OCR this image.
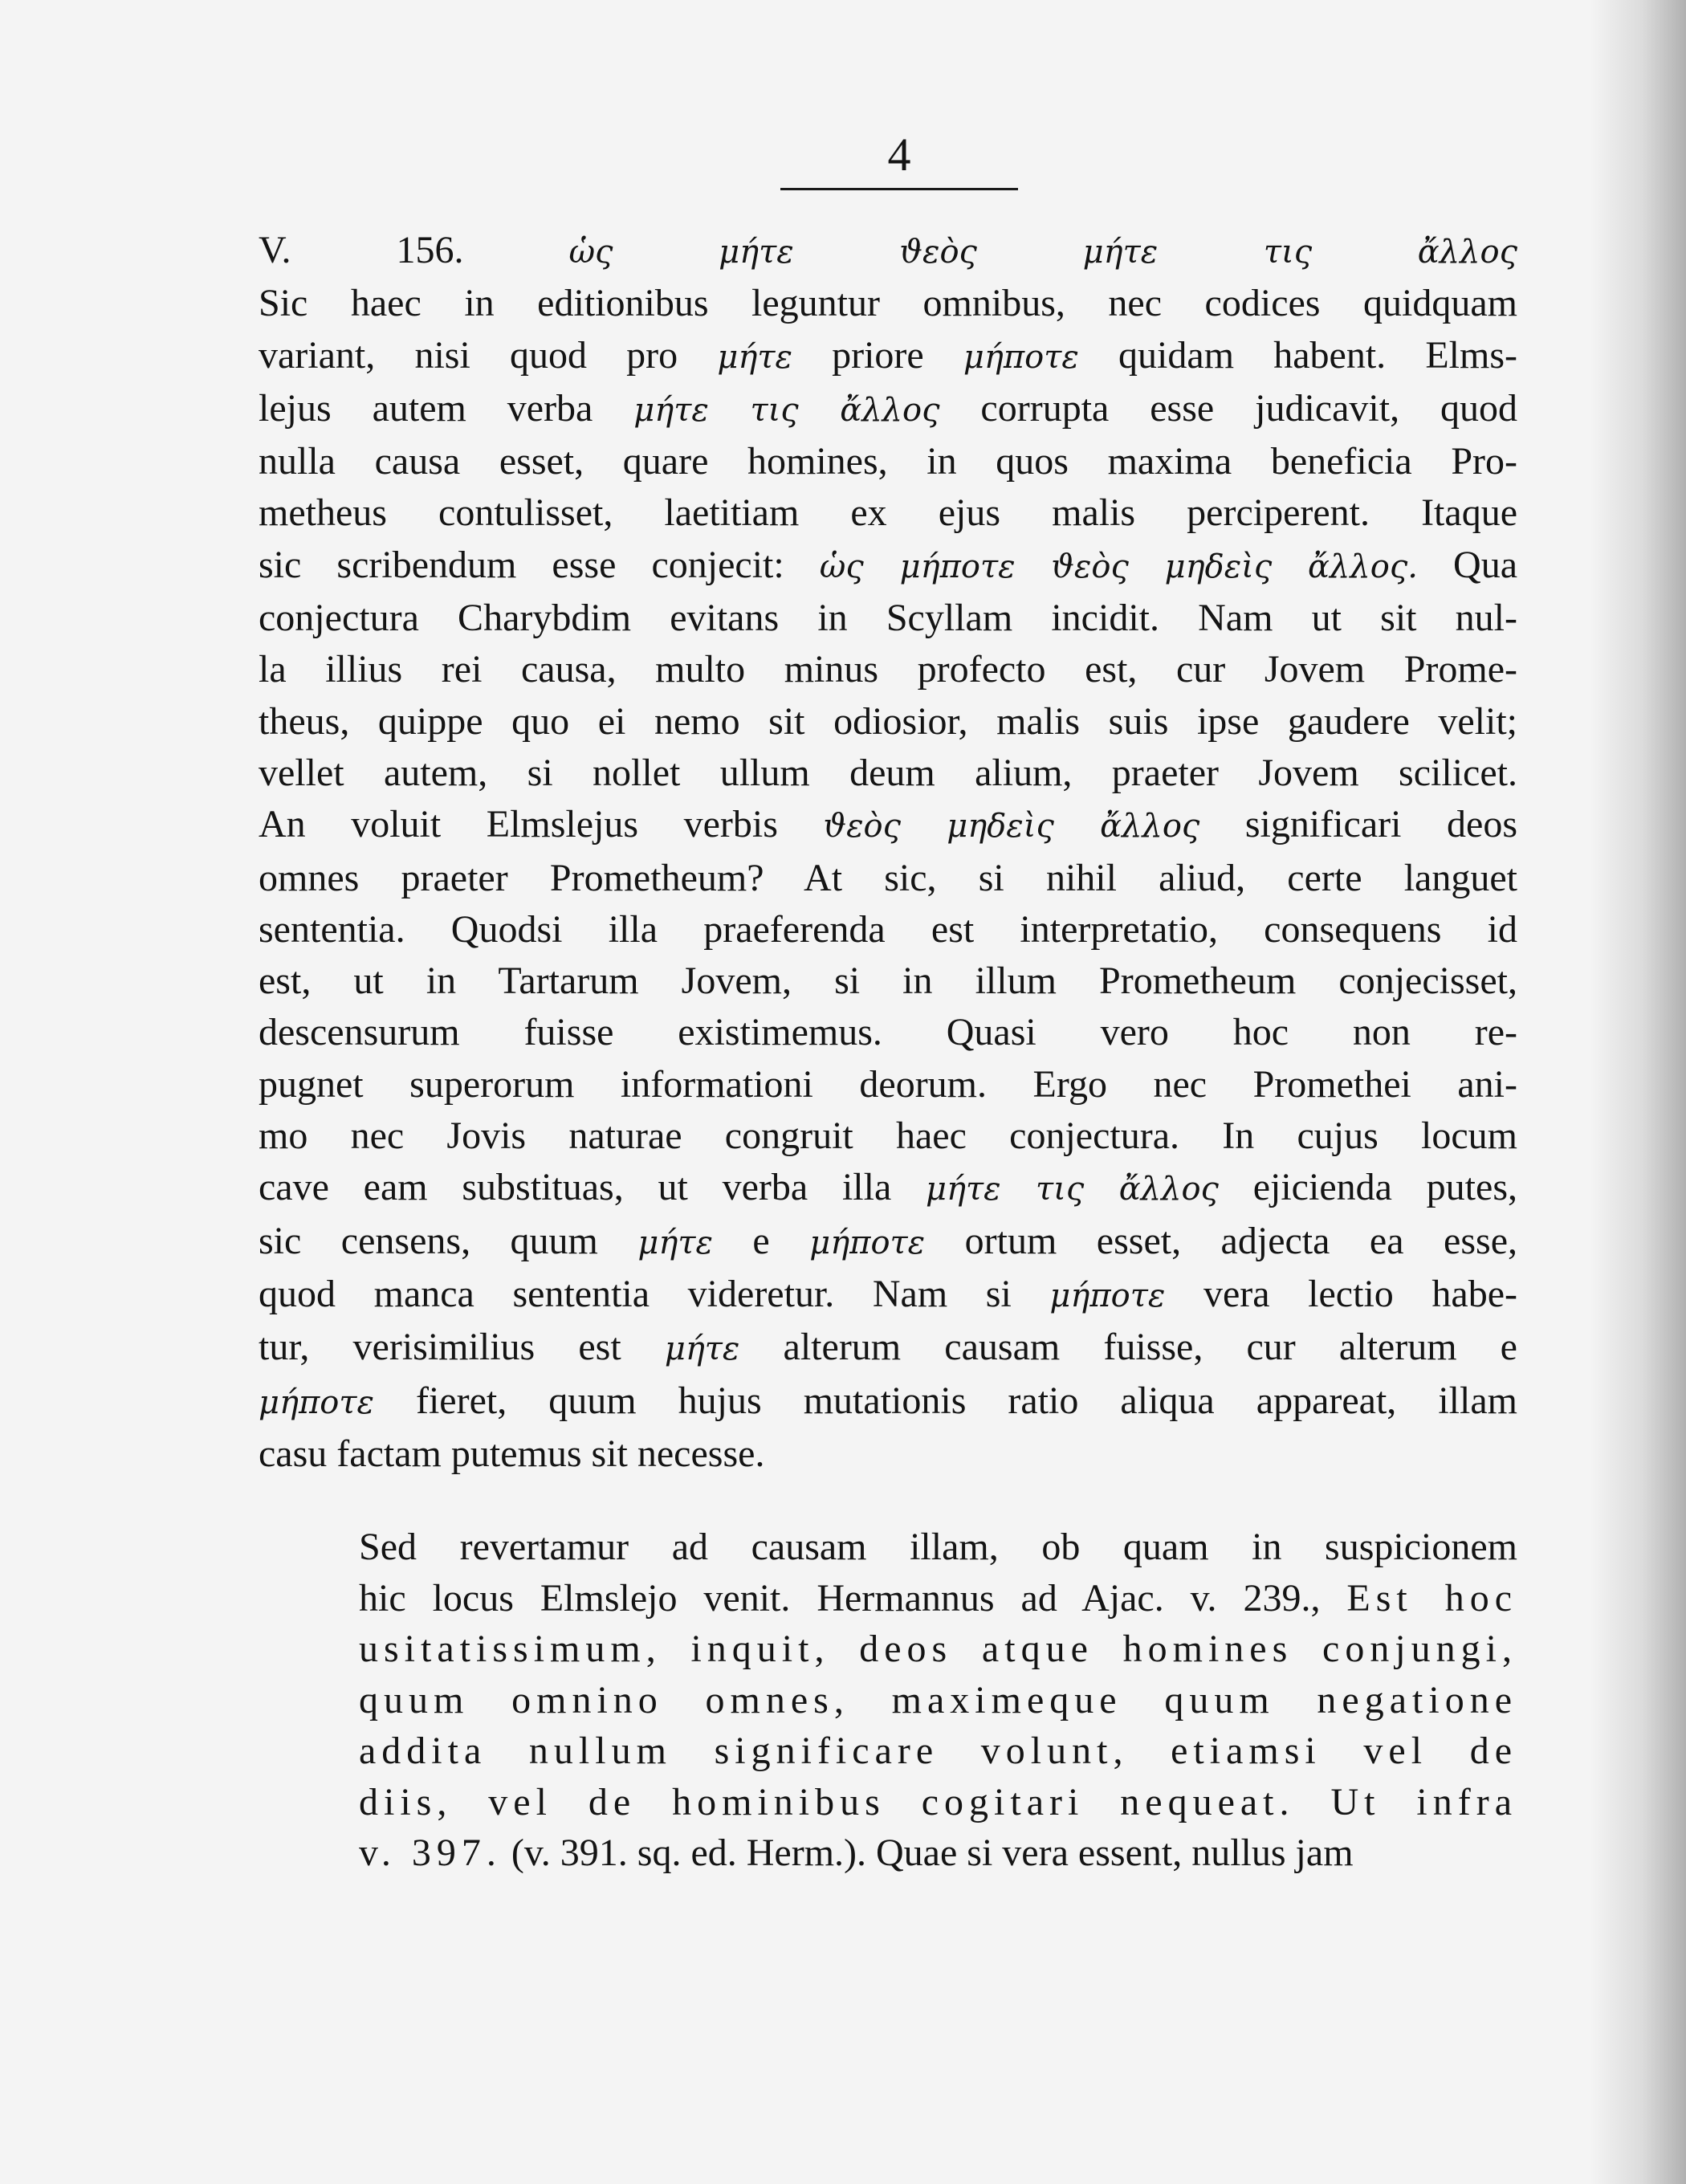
4
V. 156. ὡς μήτε ϑεὸς μήτε τις ἄλλος
Sic haec in editionibus leguntur omnibus, nec codices quidquam
variant, nisi quod pro μήτε priore μήποτε quidam habent. Elms-
lejus autem verba μήτε τις ἄλλος corrupta esse judicavit, quod
nulla causa esset, quare homines, in quos maxima beneficia Pro-
metheus contulisset, laetitiam ex ejus malis perciperent. Itaque
sic scribendum esse conjecit: ὡς μήποτε ϑεὸς μηδεὶς ἄλλος. Qua
conjectura Charybdim evitans in Scyllam incidit. Nam ut sit nul-
la illius rei causa, multo minus profecto est, cur Jovem Prome-
theus, quippe quo ei nemo sit odiosior, malis suis ipse gaudere velit;
vellet autem, si nollet ullum deum alium, praeter Jovem scilicet.
An voluit Elmslejus verbis ϑεὸς μηδεὶς ἄλλος significari deos
omnes praeter Prometheum? At sic, si nihil aliud, certe languet
sententia. Quodsi illa praeferenda est interpretatio, consequens id
est, ut in Tartarum Jovem, si in illum Prometheum conjecisset,
descensurum fuisse existimemus. Quasi vero hoc non re-
pugnet superorum informationi deorum. Ergo nec Promethei ani-
mo nec Jovis naturae congruit haec conjectura. In cujus locum
cave eam substituas, ut verba illa μήτε τις ἄλλος ejicienda putes,
sic censens, quum μήτε e μήποτε ortum esset, adjecta ea esse,
quod manca sententia videretur. Nam si μήποτε vera lectio habe-
tur, verisimilius est μήτε alterum causam fuisse, cur alterum e
μήποτε fieret, quum hujus mutationis ratio aliqua appareat, illam
casu factam putemus sit necesse.
Sed revertamur ad causam illam, ob quam in suspicionem
hic locus Elmslejo venit. Hermannus ad Ajac. v. 239., Est hoc
usitatissimum, inquit, deos atque homines conjungi,
quum omnino omnes, maximeque quum negatione
addita nullum significare volunt, etiamsi vel de
diis, vel de hominibus cogitari nequeat. Ut infra
v. 397. (v. 391. sq. ed. Herm.). Quae si vera essent, nullus jam
